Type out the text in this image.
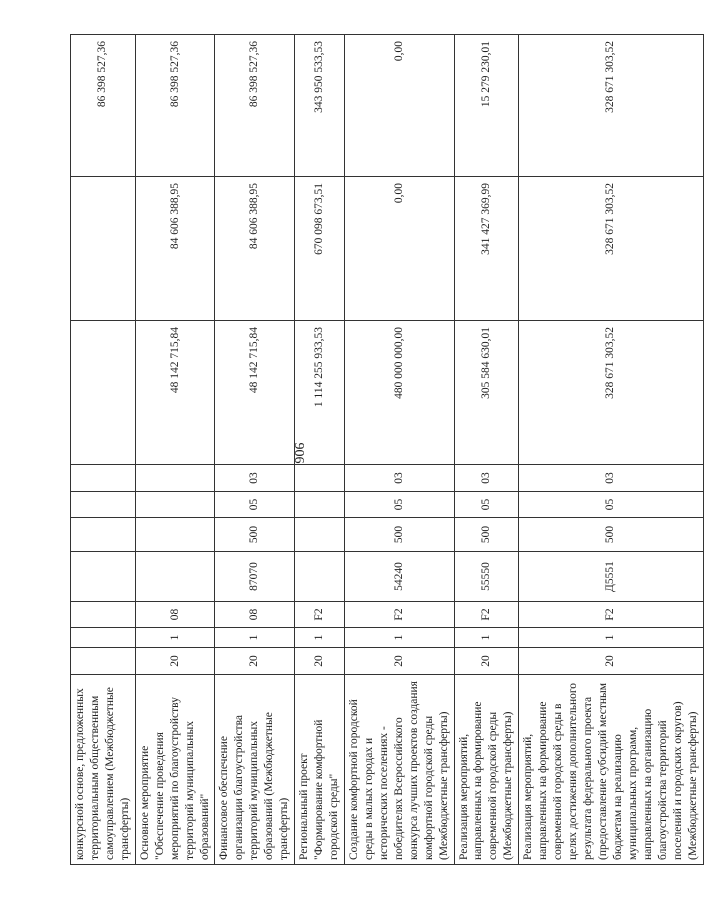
906
конкурсной основе, предложенных территориальным общественным самоуправлением (Межбюджетные трансферты)										86 398 527,36
Основное мероприятие "Обеспечение проведения мероприятий по благоустройству территорий муниципальных образований"	20	1	08					48 142 715,84	84 606 388,95	86 398 527,36
Финансовое обеспечение организации благоустройства территорий муниципальных образований (Межбюджетные трансферты)	20	1	08	87070	500	05	03	48 142 715,84	84 606 388,95	86 398 527,36
Региональный проект "Формирование комфортной городской среды"	20	1	F2					1 114 255 933,53	670 098 673,51	343 950 533,53
Создание комфортной городской среды в малых городах и исторических поселениях - победителях Всероссийского конкурса лучших проектов создания комфортной городской среды (Межбюджетные трансферты)	20	1	F2	54240	500	05	03	480 000 000,00	0,00	0,00
Реализация мероприятий, направленных на формирование современной городской среды (Межбюджетные трансферты)	20	1	F2	55550	500	05	03	305 584 630,01	341 427 369,99	15 279 230,01
Реализация мероприятий, направленных на формирование современной городской среды в целях достижения дополнительного результата федерального проекта (предоставление субсидий местным бюджетам на реализацию муниципальных программ, направленных на организацию благоустройства территорий поселений и городских округов) (Межбюджетные трансферты)	20	1	F2	Д5551	500	05	03	328 671 303,52	328 671 303,52	328 671 303,52
